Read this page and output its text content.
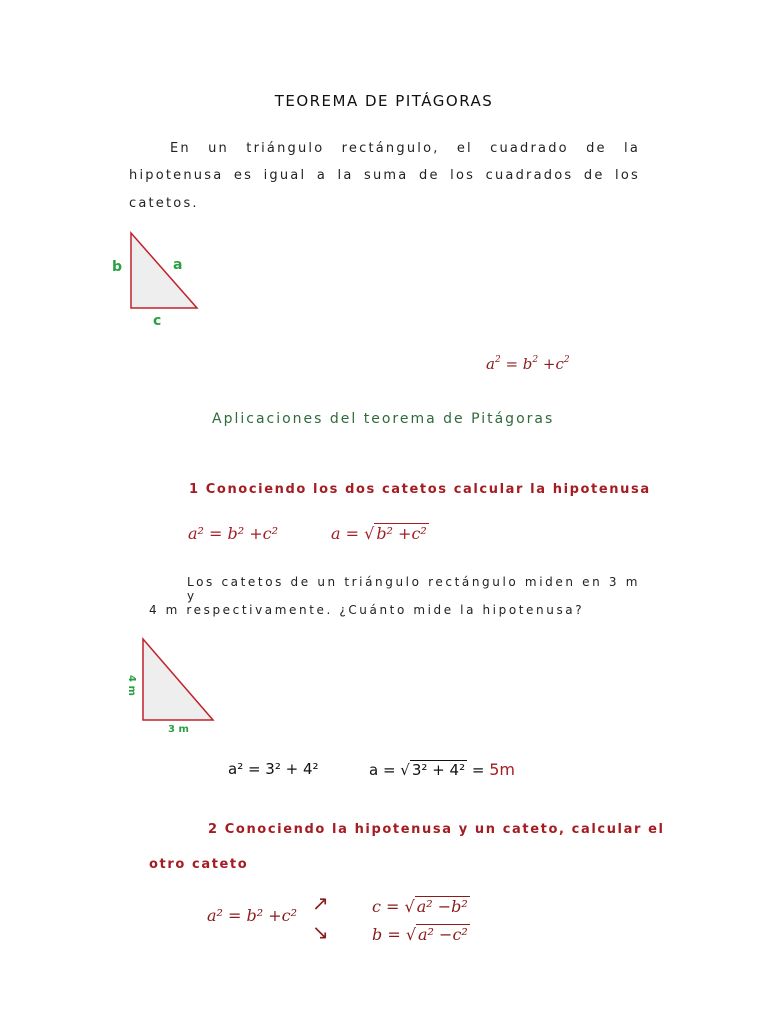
TEOREMA DE PITÁGORAS
En un triángulo rectángulo, el cuadrado de la
hipotenusa es igual a la suma de los cuadrados de los
catetos.
b	a
c
$a^2 = b^2 +c^2$
Aplicaciones del teorema de Pitágoras
1 Conociendo los dos catetos calcular la hipotenusa
a² = b² +c²	a = √ b² +c²
Los catetos de un triángulo rectángulo miden en 3 m y
4 m respectivamente. ¿Cuánto mide la hipotenusa?
4 m
3 m
a² = 3² + 4²	a = √ 3² + 4² = 5m
2 Conociendo la hipotenusa y un cateto, calcular el
otro cateto
a² = b² +c²
↗
↘
c = √ a² −b²
b = √ a² −c²
